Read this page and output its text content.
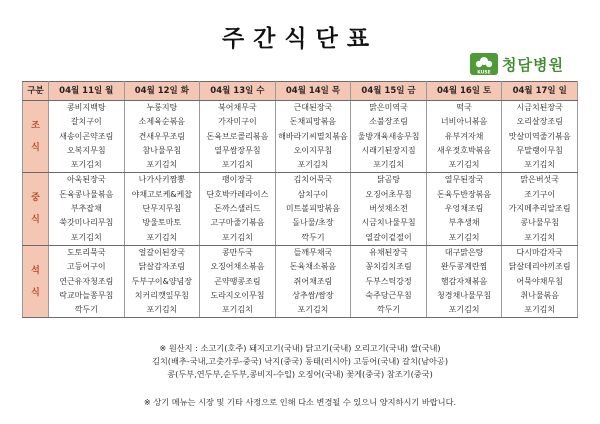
주간식단표
KUSE 청담병원
구분	04월 11일 월	04월 12일 화	04월 13일 수	04월 14일 목	04월 15일 금	04월 16일 토	04월 17일 일

조
식	콩비지백탕	누룽지탕	북어채무국	근대된장국	맑은미역국	떡국	시금치된장국
	갈치구이	소제육순볶음	가자미구이	돈채피망볶음	소불장조림	너비아니볶음	오리살장조림
	새송이곤약조림	견새우무조림	돈육브로콜리볶음	해바라기씨멸치볶음	울방개육새송무침	유부겨자채	맛살미역줄기볶음
	오복지무침	참나물무침	열무쌈장무침	오이지무침	시래기된장지짐	새우젓호박볶음	무말랭이무침
	포기김치	포기김치	포기김치	포기김치	포기김치	포기김치	포기김치

중
식	아욱된장국	나가사키짬뽕	팽이장국	김치어묵국	닭곰탕	열무된장국	맑은버섯국
	돈육콩나물볶음	야채고로케&케찹	단호박카레라이스	삼치구이	오징어초무침	돈육두반장볶음	조기구이
	부추잡채	단무지무침	돈까스샐러드	미트볼피망볶음	버섯채소전	우엉채조림	가지메추리알조림
	쑥갓미나리무침	방울토마토	고구마줄기볶음	돌나물/초장	시금치나물무침	부추생채	콩나물무침
	포기김치	포기김치	포기김치	깍두기	열갈이겉절이	포기김치	포기김치

석
식	도토리묵국	얼갈이된장국	콩만두국	들깨무채국	유채된장국	대구맑은탕	다시마감자국
	고등어구이	닭살감자조림	오징어채소볶음	돈육채소볶음	꽁치김치조림	완두콩계란찜	닭살데리야끼조림
	연근유자청조림	두부구이&양념장	곤약땡콩조림	쥐어채조림	두부스틱강정	햄감자채볶음	어묵야채무침
	락교마늘쫑무침	치커리깻잎무침	도라지오이무침	상추쌈/쌈장	숙주당근무침	청경채나물무침	취나물볶음
	깍두기	포기김치	포기김치	포기김치	깍두기	포기김치	포기김치
※ 원산지 : 소고기(호주) 돼지고기(국내) 닭고기(국내) 오리고기(국내) 쌀(국내)
김치(배추-국내,고춧가루-중국) 낙지(중국) 동태(러시아) 고등어(국내) 갈치(남아공)
콩(두부,연두부,순두부,콩비지-수입) 오징어(국내) 꽃게(중국) 참조기(중국)
※ 상기 메뉴는 시장 및 기타 사정으로 인해 다소 변경될 수 있으니 양지하시기 바랍니다.
